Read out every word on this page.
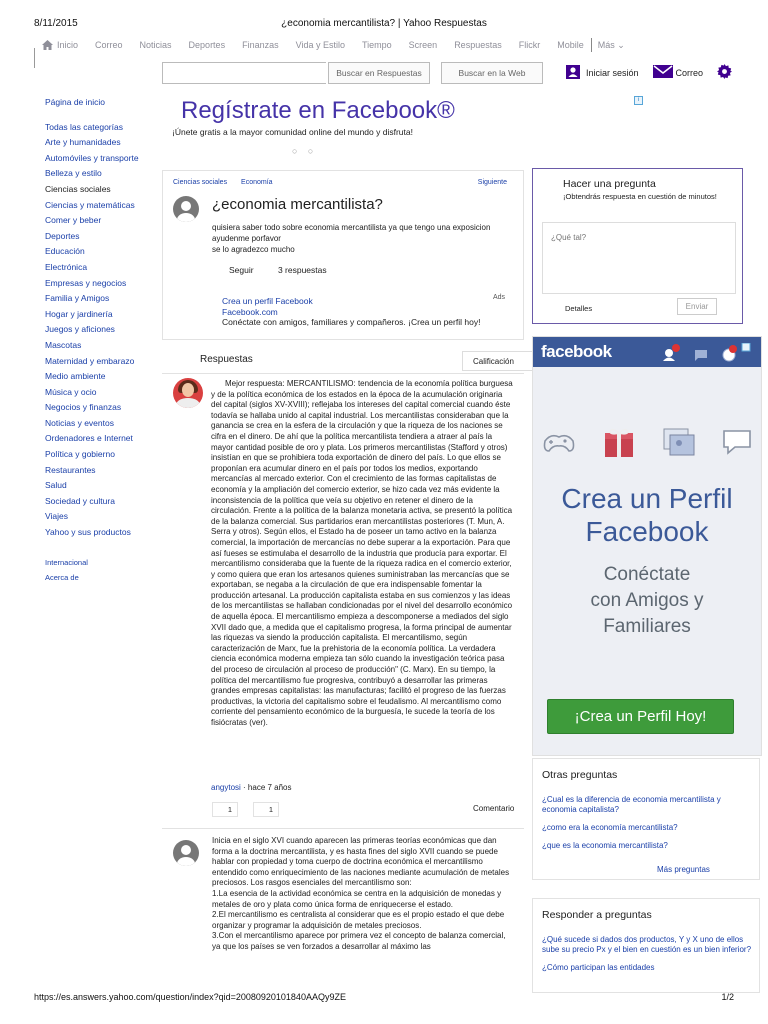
8/11/2015	¿economia mercantilista? | Yahoo Respuestas
Inicio Correo Noticias Deportes Finanzas Vida y Estilo Tiempo Screen Respuestas Flickr Mobile Más ⌄
Buscar en Respuestas	Buscar en la Web	Iniciar sesión	Correo
Página de inicio
Todas las categorías
Arte y humanidades
Automóviles y transporte
Belleza y estilo
Ciencias sociales
Ciencias y matemáticas
Comer y beber
Deportes
Educación
Electrónica
Empresas y negocios
Familia y Amigos
Hogar y jardinería
Juegos y aficiones
Mascotas
Maternidad y embarazo
Medio ambiente
Música y ocio
Negocios y finanzas
Noticias y eventos
Ordenadores e Internet
Política y gobierno
Restaurantes
Salud
Sociedad y cultura
Viajes
Yahoo y sus productos
Internacional
Acerca de
Regístrate en Facebook®
¡Únete gratis a la mayor comunidad online del mundo y disfruta!
○ ○
i
Ciencias sociales Economía	Siguiente
¿economia mercantilista?
quisiera saber todo sobre economia mercantilista ya que tengo una exposicion
ayudenme porfavor
se lo agradezco mucho
Seguir	3 respuestas
Ads
Crea un perfil Facebook
Facebook.com
Conéctate con amigos, familiares y compañeros. ¡Crea un perfil hoy!
Respuestas	Calificación
Mejor respuesta: MERCANTILISMO: tendencia de la economía política burguesa y de la política económica de los estados en la época de la acumulación originaria del capital (siglos XV-XVIII); reflejaba los intereses del capital comercial cuando éste todavía se hallaba unido al capital industrial. Los mercantilistas consideraban que la ganancia se crea en la esfera de la circulación y que la riqueza de los naciones se cifra en el dinero. De ahí que la política mercantilista tendiera a atraer al país la mayor cantidad posible de oro y plata. Los primeros mercantilistas (Stafford y otros) insistían en que se prohibiera toda exportación de dinero del país. Lo que ellos se proponían era acumular dinero en el país por todos los medios, exportando mercancías al mercado exterior. Con el crecimiento de las formas capitalistas de economía y la ampliación del comercio exterior, se hizo cada vez más evidente la inconsistencia de la política que veía su objetivo en retener el dinero de la circulación. Frente a la política de la balanza monetaria activa, se presentó la política de la balanza comercial. Sus partidarios eran mercantilistas posteriores (T. Mun, A. Serra y otros). Según ellos, el Estado ha de poseer un tamo activo en la balanza comercial, la importación de mercancías no debe superar a la exportación. Para que así fueses se estimulaba el desarrollo de la industria que producía para exportar. El mercantilismo consideraba que la fuente de la riqueza radica en el comercio exterior, y como quiera que eran los artesanos quienes suministraban las mercancías que se exportaban, se negaba a la circulación de que era indispensable fomentar la producción artesanal. La producción capitalista estaba en sus comienzos y las ideas de los mercantilistas se hallaban condicionadas por el nivel del desarrollo económico de aquella época. El mercantilismo empieza a descomponerse a mediados del siglo XVII dado que, a medida que el capitalismo progresa, la forma principal de aumentar las riquezas va siendo la producción capitalista. El mercantilismo, según caracterización de Marx, fue la prehistoria de la economía política. La verdadera ciencia económica moderna empieza tan sólo cuando la investigación teórica pasa del proceso de circulación al proceso de producción" (C. Marx). En su tiempo, la política del mercantilismo fue progresiva, contribuyó a desarrollar las primeras grandes empresas capitalistas: las manufacturas; facilitó el progreso de las fuerzas productivas, la victoria del capitalismo sobre el feudalismo. Al mercantilismo como corriente del pensamiento económico de la burguesía, le sucede la teoría de los fisiócratas (ver).
angytosi · hace 7 años
1	1	Comentario
Inicia en el siglo XVI cuando aparecen las primeras teorías económicas que dan forma a la doctrina mercantilista, y es hasta fines del siglo XVII cuando se puede hablar con propiedad y toma cuerpo de doctrina económica el mercantilismo entendido como enriquecimiento de las naciones mediante acumulación de metales preciosos. Los rasgos esenciales del mercantilismo son:
1.La esencia de la actividad económica se centra en la adquisición de monedas y metales de oro y plata como única forma de enriquecerse el estado.
2.El mercantilismo es centralista al considerar que es el propio estado el que debe organizar y programar la adquisición de metales preciosos.
3.Con el mercantilismo aparece por primera vez el concepto de balanza comercial, ya que los países se ven forzados a desarrollar al máximo las
Hacer una pregunta
¡Obtendrás respuesta en cuestión de minutos!
¿Qué tal?
Detalles	Enviar
facebook
Crea un Perfil
Facebook
Conéctate
con Amigos y
Familiares
¡Crea un Perfil Hoy!
Otras preguntas
¿Cual es la diferencia de economia mercantilista y economia capitalista?
¿como era la economía mercantilista?
¿que es la economia mercantilista?
Más preguntas
Responder a preguntas
¿Qué sucede si dados dos productos, Y y X uno de ellos sube su precio Px y el bien en cuestión es un bien inferior?
¿Cómo participan las entidades
https://es.answers.yahoo.com/question/index?qid=20080920101840AAQy9ZE	1/2
